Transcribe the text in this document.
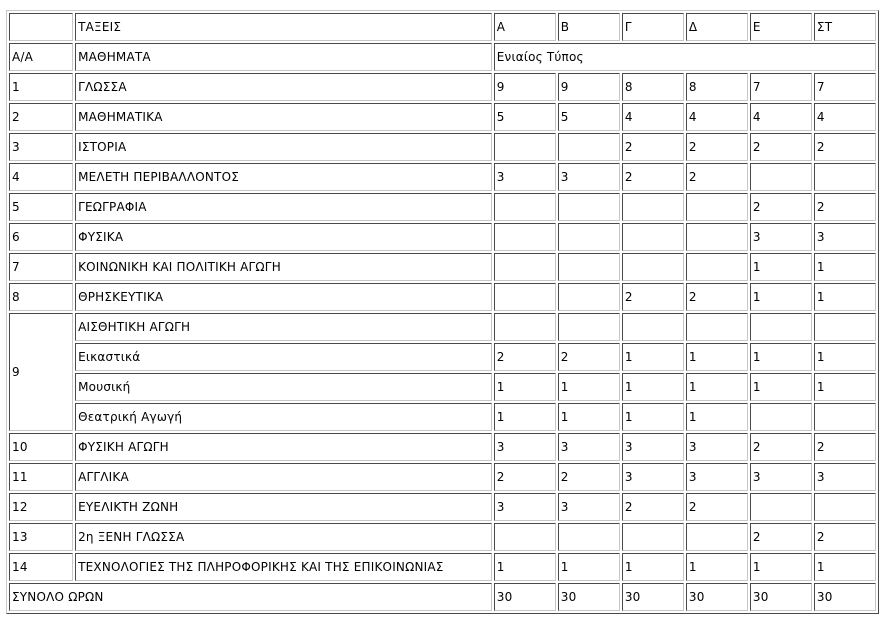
	ΤΑΞΕΙΣ	Α	Β	Γ	Δ	Ε	ΣΤ
Α/Α	ΜΑΘΗΜΑΤΑ	Ενιαίος Τύπος					
1	ΓΛΩΣΣΑ	9	9	8	8	7	7
2	ΜΑΘΗΜΑΤΙΚΑ	5	5	4	4	4	4
3	ΙΣΤΟΡΙΑ			2	2	2	2
4	ΜΕΛΕΤΗ ΠΕΡΙΒΑΛΛΟΝΤΟΣ	3	3	2	2		
5	ΓΕΩΓΡΑΦΙΑ					2	2
6	ΦΥΣΙΚΑ					3	3
7	ΚΟΙΝΩΝΙΚΗ ΚΑΙ ΠΟΛΙΤΙΚΗ ΑΓΩΓΗ					1	1
8	ΘΡΗΣΚΕΥΤΙΚΑ			2	2	1	1
9	ΑΙΣΘΗΤΙΚΗ ΑΓΩΓΗ						
	Εικαστικά	2	2	1	1	1	1
	Μουσική	1	1	1	1	1	1
	Θεατρική Αγωγή	1	1	1	1		
10	ΦΥΣΙΚΗ ΑΓΩΓΗ	3	3	3	3	2	2
11	ΑΓΓΛΙΚΑ	2	2	3	3	3	3
12	ΕΥΕΛΙΚΤΗ ΖΩΝΗ	3	3	2	2		
13	2η ΞΕΝΗ ΓΛΩΣΣΑ					2	2
14	ΤΕΧΝΟΛΟΓΙΕΣ ΤΗΣ ΠΛΗΡΟΦΟΡΙΚΗΣ ΚΑΙ ΤΗΣ ΕΠΙΚΟΙΝΩΝΙΑΣ	1	1	1	1	1	1
ΣΥΝΟΛΟ ΩΡΩΝ		30	30	30	30	30	30
